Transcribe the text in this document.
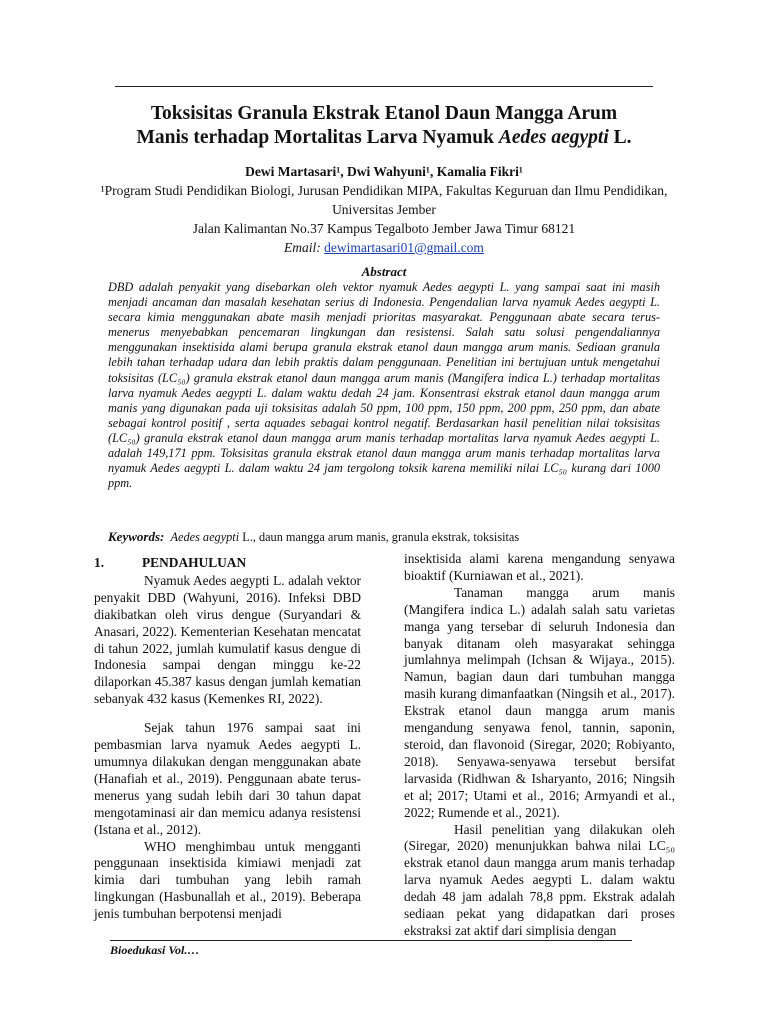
Toksisitas Granula Ekstrak Etanol Daun Mangga Arum
Manis terhadap Mortalitas Larva Nyamuk Aedes aegypti L.
Dewi Martasari¹, Dwi Wahyuni¹, Kamalia Fikri¹
¹Program Studi Pendidikan Biologi, Jurusan Pendidikan MIPA, Fakultas Keguruan dan Ilmu Pendidikan, Universitas Jember
Jalan Kalimantan No.37 Kampus Tegalboto Jember Jawa Timur 68121
Email: dewimartasari01@gmail.com
Abstract
DBD adalah penyakit yang disebarkan oleh vektor nyamuk Aedes aegypti L. yang sampai saat ini masih menjadi ancaman dan masalah kesehatan serius di Indonesia. Pengendalian larva nyamuk Aedes aegypti L. secara kimia menggunakan abate masih menjadi prioritas masyarakat. Penggunaan abate secara terus-menerus menyebabkan pencemaran lingkungan dan resistensi. Salah satu solusi pengendaliannya menggunakan insektisida alami berupa granula ekstrak etanol daun mangga arum manis. Sediaan granula lebih tahan terhadap udara dan lebih praktis dalam penggunaan. Penelitian ini bertujuan untuk mengetahui toksisitas (LC₅₀) granula ekstrak etanol daun mangga arum manis (Mangifera indica L.) terhadap mortalitas larva nyamuk Aedes aegypti L. dalam waktu dedah 24 jam. Konsentrasi ekstrak etanol daun mangga arum manis yang digunakan pada uji toksisitas adalah 50 ppm, 100 ppm, 150 ppm, 200 ppm, 250 ppm, dan abate sebagai kontrol positif , serta aquades sebagai kontrol negatif. Berdasarkan hasil penelitian nilai toksisitas (LC₅₀) granula ekstrak etanol daun mangga arum manis terhadap mortalitas larva nyamuk Aedes aegypti L. adalah 149,171 ppm. Toksisitas granula ekstrak etanol daun mangga arum manis terhadap mortalitas larva nyamuk Aedes aegypti L. dalam waktu 24 jam tergolong toksik karena memiliki nilai LC₅₀ kurang dari 1000 ppm.
Keywords: Aedes aegypti L., daun mangga arum manis, granula ekstrak, toksisitas

1.	PENDAHULUAN

Nyamuk Aedes aegypti L. adalah vektor penyakit DBD (Wahyuni, 2016). Infeksi DBD diakibatkan oleh virus dengue (Suryandari & Anasari, 2022). Kementerian Kesehatan mencatat di tahun 2022, jumlah kumulatif kasus dengue di Indonesia sampai dengan minggu ke-22 dilaporkan 45.387 kasus dengan jumlah kematian sebanyak 432 kasus (Kemenkes RI, 2022).

Sejak tahun 1976 sampai saat ini pembasmian larva nyamuk Aedes aegypti L. umumnya dilakukan dengan menggunakan abate (Hanafiah et al., 2019). Penggunaan abate terus-menerus yang sudah lebih dari 30 tahun dapat mengotaminasi air dan memicu adanya resistensi (Istana et al., 2012).

WHO menghimbau untuk mengganti penggunaan insektisida kimiawi menjadi zat kimia dari tumbuhan yang lebih ramah lingkungan (Hasbunallah et al., 2019). Beberapa jenis tumbuhan berpotensi menjadi

insektisida alami karena mengandung senyawa bioaktif (Kurniawan et al., 2021).

Tanaman mangga arum manis (Mangifera indica L.) adalah salah satu varietas manga yang tersebar di seluruh Indonesia dan banyak ditanam oleh masyarakat sehingga jumlahnya melimpah (Ichsan & Wijaya., 2015). Namun, bagian daun dari tumbuhan mangga masih kurang dimanfaatkan (Ningsih et al., 2017). Ekstrak etanol daun mangga arum manis mengandung senyawa fenol, tannin, saponin, steroid, dan flavonoid (Siregar, 2020; Robiyanto, 2018). Senyawa-senyawa tersebut bersifat larvasida (Ridhwan & Isharyanto, 2016; Ningsih et al; 2017; Utami et al., 2016; Armyandi et al., 2022; Rumende et al., 2021).

Hasil penelitian yang dilakukan oleh (Siregar, 2020) menunjukkan bahwa nilai LC₅₀ ekstrak etanol daun mangga arum manis terhadap larva nyamuk Aedes aegypti L. dalam waktu dedah 48 jam adalah 78,8 ppm. Ekstrak adalah sediaan pekat yang didapatkan dari proses ekstraksi zat aktif dari simplisia dengan

Bioedukasi Vol.…
